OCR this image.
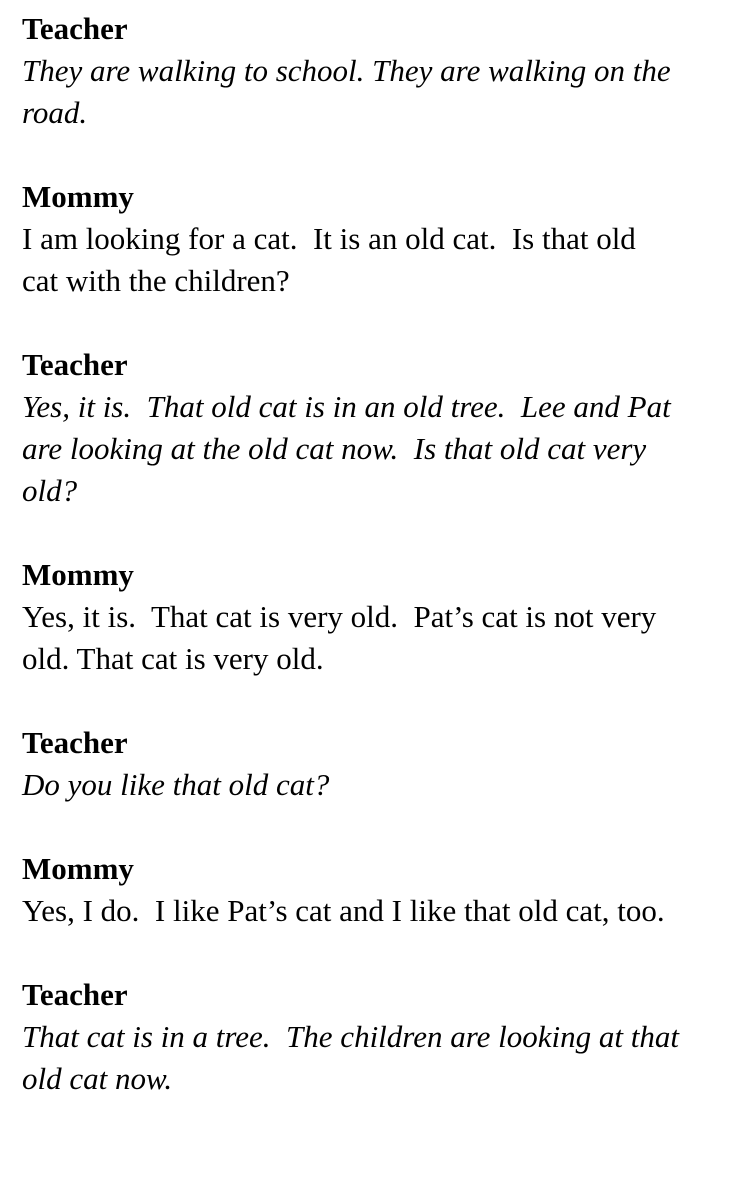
Teacher
They are walking to school. They are walking on the
road.
Mommy
I am looking for a cat.  It is an old cat.  Is that old
cat with the children?
Teacher
Yes, it is.  That old cat is in an old tree.  Lee and Pat
are looking at the old cat now.  Is that old cat very
old?
Mommy
Yes, it is.  That cat is very old.  Pat’s cat is not very
old. That cat is very old.
Teacher
Do you like that old cat?
Mommy
Yes, I do.  I like Pat’s cat and I like that old cat, too.
Teacher
That cat is in a tree.  The children are looking at that
old cat now.
